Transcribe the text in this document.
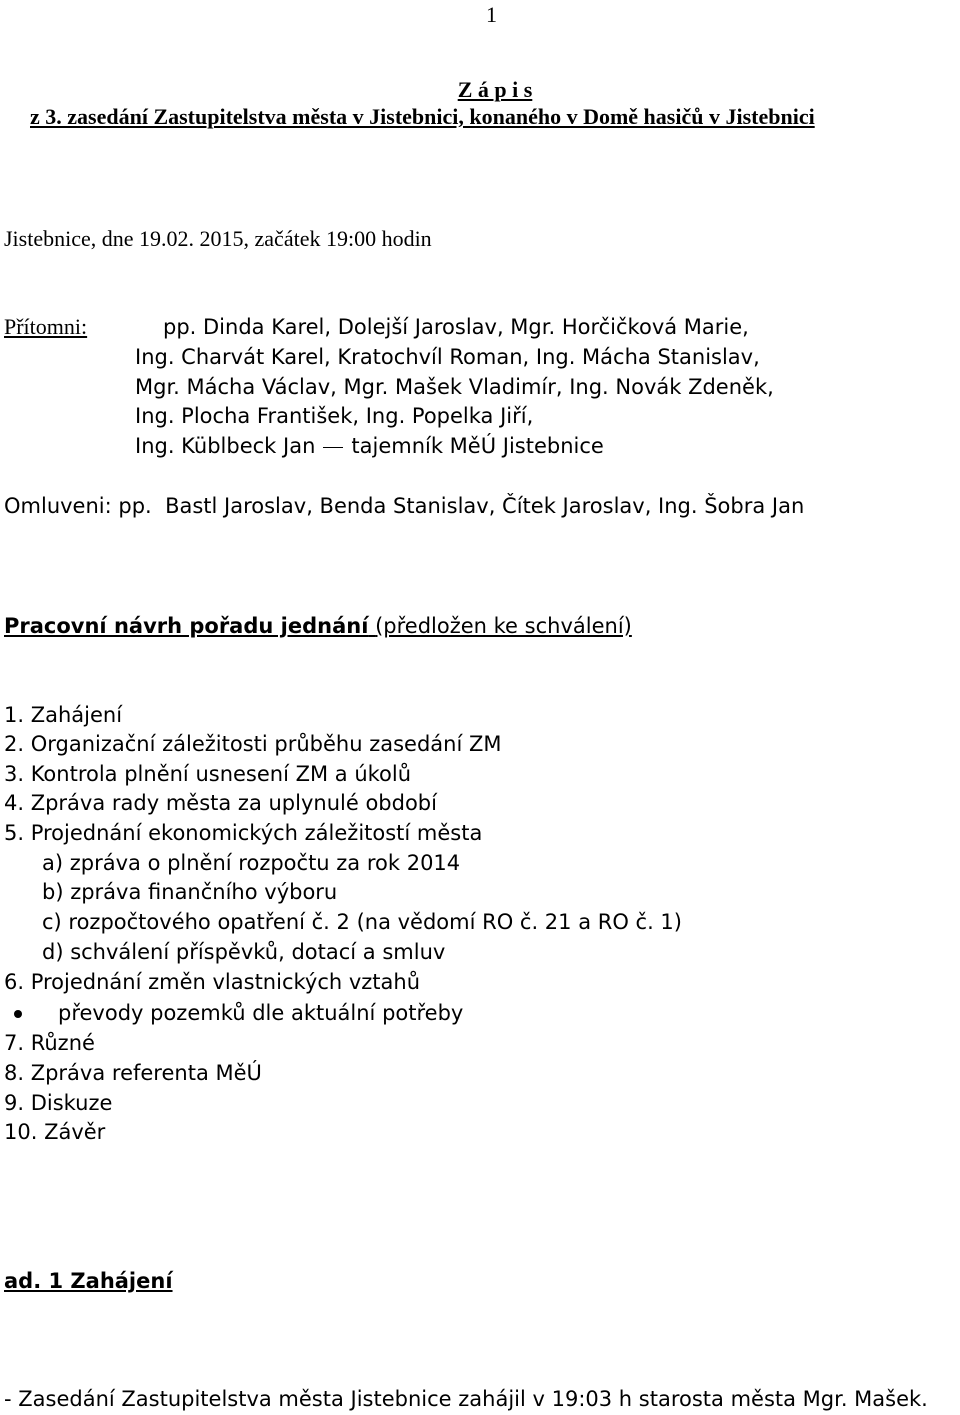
1
Z á p i s
z 3. zasedání Zastupitelstva města v Jistebnici, konaného v Domě hasičů v Jistebnici
Jistebnice, dne 19.02. 2015, začátek 19:00 hodin
Přítomni:	pp. Dinda Karel, Dolejší Jaroslav, Mgr. Horčičková Marie,
Ing. Charvát Karel, Kratochvíl Roman, Ing. Mácha Stanislav,
Mgr. Mácha Václav, Mgr. Mašek Vladimír, Ing. Novák Zdeněk,
Ing. Plocha František, Ing. Popelka Jiří,
Ing. Küblbeck Jan tajemník MěÚ Jistebnice
Omluveni: pp. Bastl Jaroslav, Benda Stanislav, Čítek Jaroslav, Ing. Šobra Jan
Pracovní návrh pořadu jednání (předložen ke schválení)
1. Zahájení
2. Organizační záležitosti průběhu zasedání ZM
3. Kontrola plnění usnesení ZM a úkolů
4. Zpráva rady města za uplynulé období
5. Projednání ekonomických záležitostí města
a) zpráva o plnění rozpočtu za rok 2014
b) zpráva finančního výboru
c) rozpočtového opatření č. 2 (na vědomí RO č. 21 a RO č. 1)
d) schválení příspěvků, dotací a smluv
6. Projednání změn vlastnických vztahů
převody pozemků dle aktuální potřeby
7. Různé
8. Zpráva referenta MěÚ
9. Diskuze
10. Závěr
ad. 1 Zahájení
- Zasedání Zastupitelstva města Jistebnice zahájil v 19:03 h starosta města Mgr. Mašek.
